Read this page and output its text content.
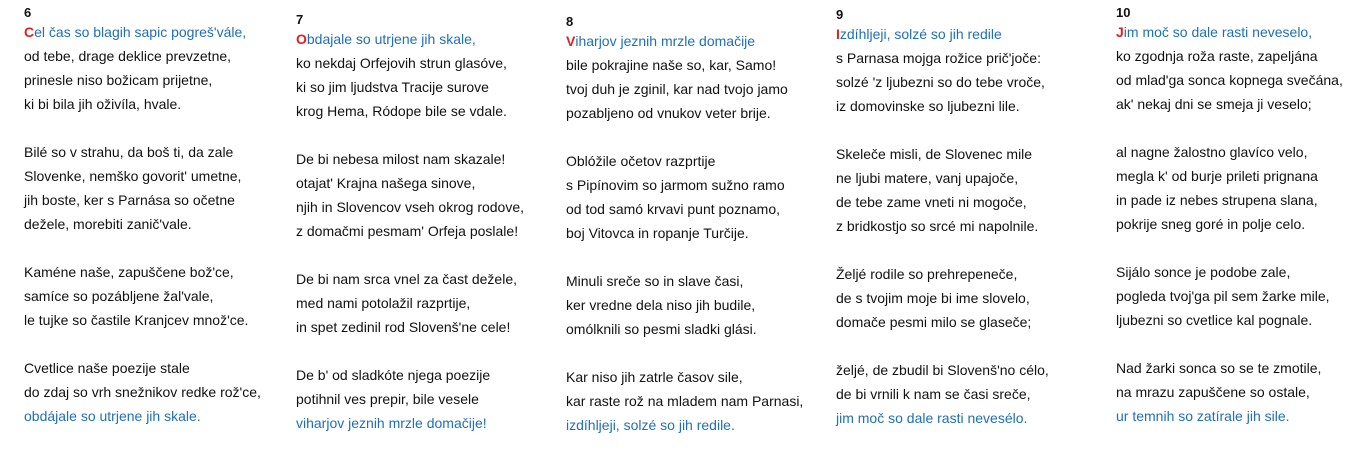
6
Cel čas so blagih sapic pogreš'vále,
od tebe, drage deklice prevzetne,
prinesle niso božicam prijetne,
ki bi bila jih oživíla, hvale.
Bilé so v strahu, da boš ti, da zale
Slovenke, nemško govorit' umetne,
jih boste, ker s Parnása so očetne
dežele, morebiti zanič'vale.
Kaméne naše, zapuščene bož'ce,
samíce so pozábljene žal'vale,
le tujke so častile Kranjcev množ'ce.
Cvetlice naše poezije stale
do zdaj so vrh snežnikov redke rož'ce,
obdájale so utrjene jih skale.
7
Obdajale so utrjene jih skale,
ko nekdaj Orfejovih strun glasóve,
ki so jim ljudstva Tracije surove
krog Hema, Ródope bile se vdale.
De bi nebesa milost nam skazale!
otajat' Krajna našega sinove,
njih in Slovencov vseh okrog rodove,
z domačmi pesmam' Orfeja poslale!
De bi nam srca vnel za čast dežele,
med nami potolažil razprtije,
in spet zedinil rod Slovenš'ne cele!
De b' od sladkóte njega poezije
potihnil ves prepir, bile vesele
viharjov jeznih mrzle domačije!
8
Viharjov jeznih mrzle domačije
bile pokrajine naše so, kar, Samo!
tvoj duh je zginil, kar nad tvojo jamo
pozabljeno od vnukov veter brije.
Oblóžile očetov razprtije
s Pipínovim so jarmom sužno ramo
od tod samó krvavi punt poznamo,
boj Vitovca in ropanje Turčije.
Minuli sreče so in slave časi,
ker vredne dela niso jih budile,
omólknili so pesmi sladki glási.
Kar niso jih zatrle časov sile,
kar raste rož na mladem nam Parnasi,
izdíhljeji, solzé so jih redile.
9
Izdíhljeji, solzé so jih redile
s Parnasa mojga rožice prič'joče:
solzé 'z ljubezni so do tebe vroče,
iz domovinske so ljubezni lile.
Skeleče misli, de Slovenec mile
ne ljubi matere, vanj upajoče,
de tebe zame vneti ni mogoče,
z bridkostjo so srcé mi napolnile.
Željé rodile so prehrepeneče,
de s tvojim moje bi ime slovelo,
domače pesmi milo se glaseče;
željé, de zbudil bi Slovenš'no célo,
de bi vrnili k nam se časi sreče,
jim moč so dale rasti nevesélo.
10
Jim moč so dale rasti neveselo,
ko zgodnja roža raste, zapeljána
od mlad'ga sonca kopnega svečána,
ak' nekaj dni se smeja ji veselo;
al nagne žalostno glavíco velo,
megla k' od burje prileti prignana
in pade iz nebes strupena slana,
pokrije sneg goré in polje celo.
Sijálo sonce je podobe zale,
pogleda tvoj'ga pil sem žarke mile,
ljubezni so cvetlice kal pognale.
Nad žarki sonca so se te zmotile,
na mrazu zapuščene so ostale,
ur temnih so zatírale jih sile.
